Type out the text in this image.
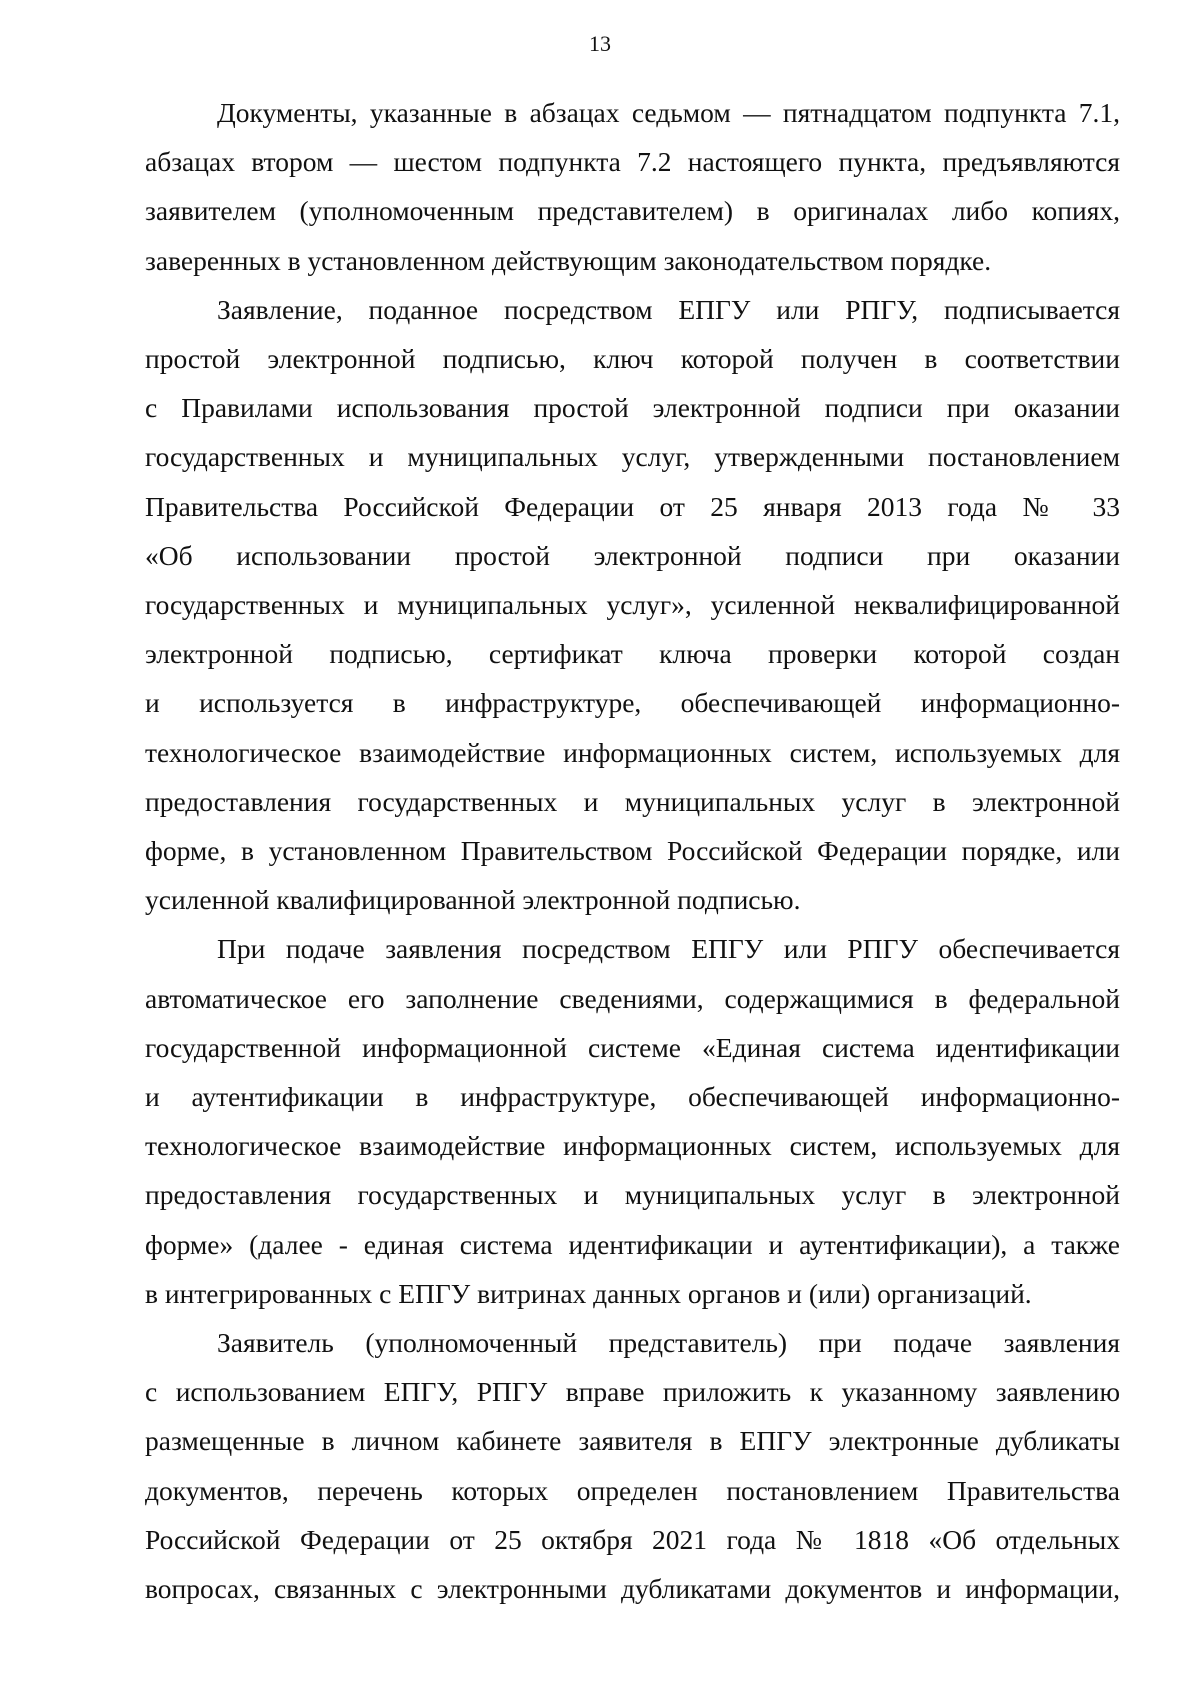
13
Документы, указанные в абзацах седьмом — пятнадцатом подпункта 7.1,
абзацах втором — шестом подпункта 7.2 настоящего пункта, предъявляются
заявителем (уполномоченным представителем) в оригиналах либо копиях,
заверенных в установленном действующим законодательством порядке.
Заявление, поданное посредством ЕПГУ или РПГУ, подписывается
простой электронной подписью, ключ которой получен в соответствии
с Правилами использования простой электронной подписи при оказании
государственных и муниципальных услуг, утвержденными постановлением
Правительства Российской Федерации от 25 января 2013 года № 33
«Об использовании простой электронной подписи при оказании
государственных и муниципальных услуг», усиленной неквалифицированной
электронной подписью, сертификат ключа проверки которой создан
и используется в инфраструктуре, обеспечивающей информационно-
технологическое взаимодействие информационных систем, используемых для
предоставления государственных и муниципальных услуг в электронной
форме, в установленном Правительством Российской Федерации порядке, или
усиленной квалифицированной электронной подписью.
При подаче заявления посредством ЕПГУ или РПГУ обеспечивается
автоматическое его заполнение сведениями, содержащимися в федеральной
государственной информационной системе «Единая система идентификации
и аутентификации в инфраструктуре, обеспечивающей информационно-
технологическое взаимодействие информационных систем, используемых для
предоставления государственных и муниципальных услуг в электронной
форме» (далее - единая система идентификации и аутентификации), а также
в интегрированных с ЕПГУ витринах данных органов и (или) организаций.
Заявитель (уполномоченный представитель) при подаче заявления
с использованием ЕПГУ, РПГУ вправе приложить к указанному заявлению
размещенные в личном кабинете заявителя в ЕПГУ электронные дубликаты
документов, перечень которых определен постановлением Правительства
Российской Федерации от 25 октября 2021 года № 1818 «Об отдельных
вопросах, связанных с электронными дубликатами документов и информации,
